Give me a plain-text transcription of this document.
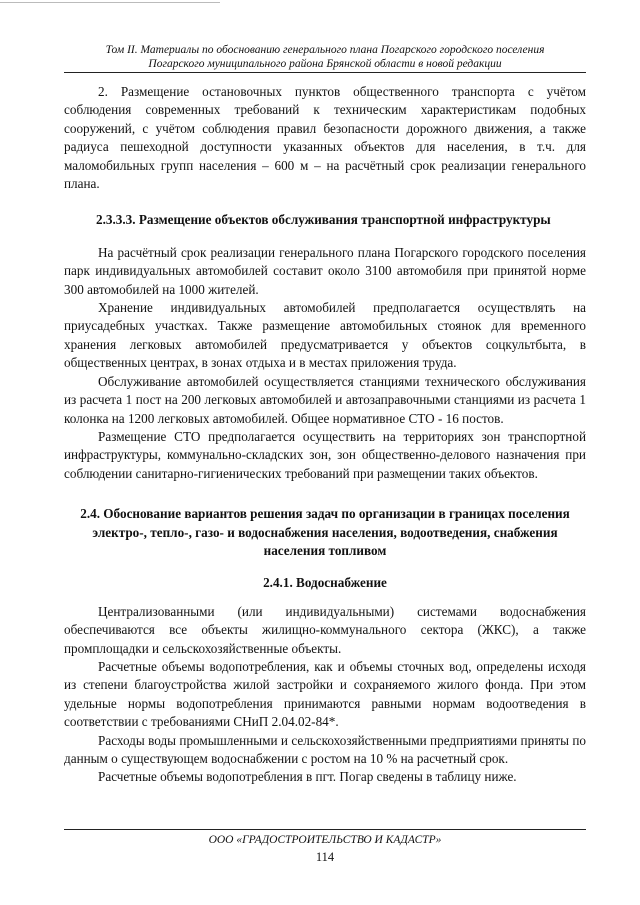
Том II. Материалы по обоснованию генерального плана Погарского городского поселения
Погарского муниципального района Брянской области в новой редакции

2. Размещение остановочных пунктов общественного транспорта с учётом соблюдения современных требований к техническим характеристикам подобных сооружений, с учётом соблюдения правил безопасности дорожного движения, а также радиуса пешеходной доступности указанных объектов для населения, в т.ч. для маломобильных групп населения – 600 м – на расчётный срок реализации генерального плана.

2.3.3.3. Размещение объектов обслуживания транспортной инфраструктуры

На расчётный срок реализации генерального плана Погарского городского поселения парк индивидуальных автомобилей составит около 3100 автомобиля при принятой норме 300 автомобилей на 1000 жителей.

Хранение индивидуальных автомобилей предполагается осуществлять на приусадебных участках. Также размещение автомобильных стоянок для временного хранения легковых автомобилей предусматривается у объектов соцкультбыта, в общественных центрах, в зонах отдыха и в местах приложения труда.

Обслуживание автомобилей осуществляется станциями технического обслуживания из расчета 1 пост на 200 легковых автомобилей и автозаправочными станциями из расчета 1 колонка на 1200 легковых автомобилей. Общее нормативное СТО - 16 постов.

Размещение СТО предполагается осуществить на территориях зон транспортной инфраструктуры, коммунально-складских зон, зон общественно-делового назначения при соблюдении санитарно-гигиенических требований при размещении таких объектов.

2.4. Обоснование вариантов решения задач по организации в границах поселения электро-, тепло-, газо- и водоснабжения населения, водоотведения, снабжения населения топливом
2.4.1. Водоснабжение

Централизованными (или индивидуальными) системами водоснабжения обеспечиваются все объекты жилищно-коммунального сектора (ЖКС), а также промплощадки и сельскохозяйственные объекты.

Расчетные объемы водопотребления, как и объемы сточных вод, определены исходя из степени благоустройства жилой застройки и сохраняемого жилого фонда. При этом удельные нормы водопотребления принимаются равными нормам водоотведения в соответствии с требованиями СНиП 2.04.02-84*.

Расходы воды промышленными и сельскохозяйственными предприятиями приняты по данным о существующем водоснабжении с ростом на 10 % на расчетный срок.

Расчетные объемы водопотребления в пгт. Погар сведены в таблицу ниже.

ООО «ГРАДОСТРОИТЕЛЬСТВО И КАДАСТР»
114
